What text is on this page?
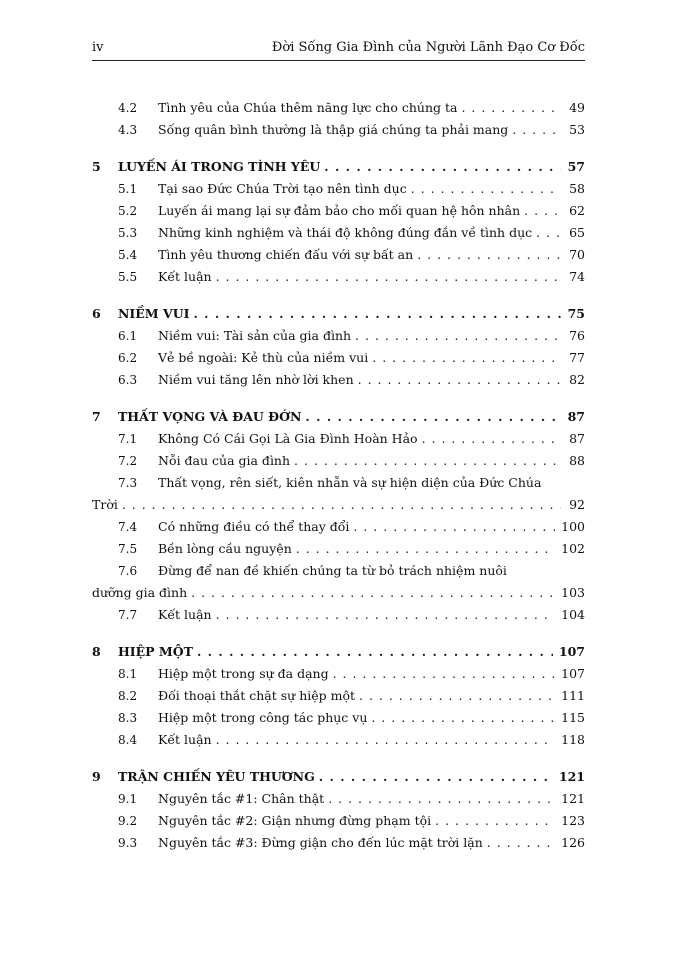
iv	Đời Sống Gia Đình của Người Lãnh Đạo Cơ Đốc
4.2	Tình yêu của Chúa thêm năng lực cho chúng ta . . .	49
4.3	Sống quân bình thường là thập giá chúng ta phải mang . . .	53
5	LUYẾN ÁI TRONG TÌNH YÊU . . .	57
5.1	Tại sao Đức Chúa Trời tạo nên tình dục . . .	58
5.2	Luyến ái mang lại sự đảm bảo cho mối quan hệ hôn nhân . . .	62
5.3	Những kinh nghiệm và thái độ không đúng đắn về tình dục . . .	65
5.4	Tình yêu thương chiến đấu với sự bất an . . .	70
5.5	Kết luận . . .	74
6	NIỀM VUI . . .	75
6.1	Niềm vui: Tài sản của gia đình . . .	76
6.2	Vẻ bề ngoài: Kẻ thù của niềm vui . . .	77
6.3	Niềm vui tăng lên nhờ lời khen . . .	82
7	THẤT VỌNG VÀ ĐAU ĐỚN . . .	87
7.1	Không Có Cái Gọi Là Gia Đình Hoàn Hảo . . .	87
7.2	Nỗi đau của gia đình . . .	88
7.3	Thất vọng, rên siết, kiên nhẫn và sự hiện diện của Đức Chúa
Trời . . .	92
7.4	Có những điều có thể thay đổi . . .	100
7.5	Bền lòng cầu nguyện . . .	102
7.6	Đừng để nan đề khiến chúng ta từ bỏ trách nhiệm nuôi
dưỡng gia đình . . .	103
7.7	Kết luận . . .	104
8	HIỆP MỘT . . .	107
8.1	Hiệp một trong sự đa dạng . . .	107
8.2	Đối thoại thắt chặt sự hiệp một . . .	111
8.3	Hiệp một trong công tác phục vụ . . .	115
8.4	Kết luận . . .	118
9	TRẬN CHIẾN YÊU THƯƠNG . . .	121
9.1	Nguyên tắc #1: Chân thật . . .	121
9.2	Nguyên tắc #2: Giận nhưng đừng phạm tội . . .	123
9.3	Nguyên tắc #3: Đừng giận cho đến lúc mặt trời lặn . . .	126
